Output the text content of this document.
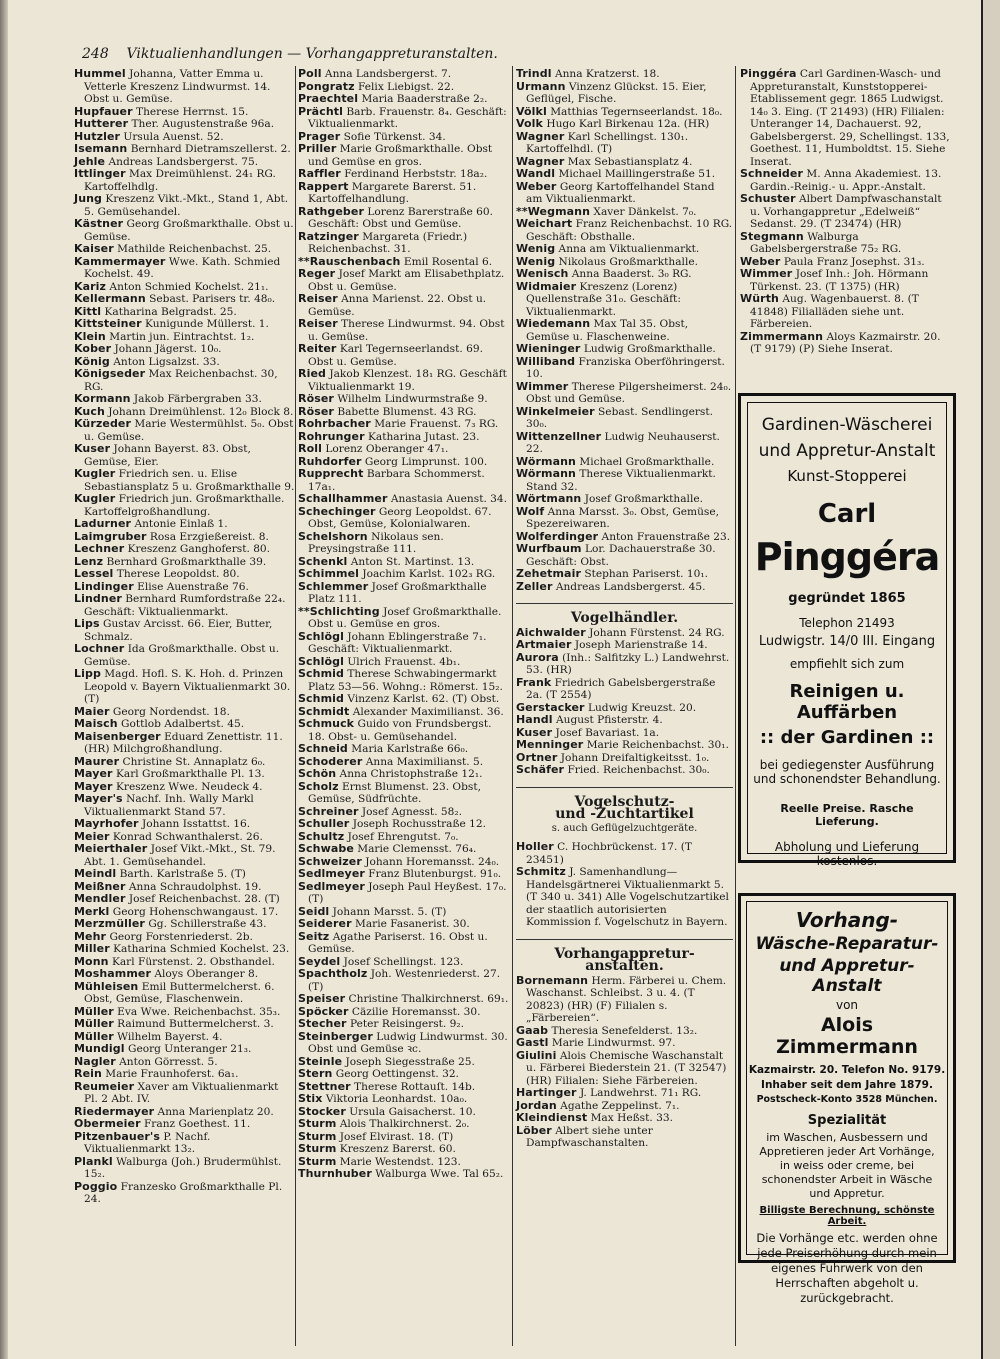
248 Viktualienhandlungen — Vorhangappreturanstalten.

Hummel Johanna, Vatter Emma u. Vetterle Kreszenz Lindwurmst. 14. Obst u. Gemüse.

Hupfauer Therese Herrnst. 15.

Hutterer Ther. Augustenstraße 96a.

Hutzler Ursula Auenst. 52.

Isemann Bernhard Dietramszellerst. 2.

Jehle Andreas Landsbergerst. 75.

Ittlinger Max Dreimühlenst. 24₁ RG. Kartoffelhdlg.

Jung Kreszenz Vikt.-Mkt., Stand 1, Abt. 5. Gemüsehandel.

Kästner Georg Großmarkthalle. Obst u. Gemüse.

Kaiser Mathilde Reichenbachst. 25.

Kammermayer Wwe. Kath. Schmied Kochelst. 49.

Kariz Anton Schmied Kochelst. 21₁.

Kellermann Sebast. Parisers tr. 48₀.

Kittl Katharina Belgradst. 25.

Kittsteiner Kunigunde Müllerst. 1.

Klein Martin jun. Eintrachtst. 1₂.

Kober Johann Jägerst. 10₀.

König Anton Ligsalzst. 33.

Königseder Max Reichenbachst. 30, RG.

Kormann Jakob Färbergraben 33.

Kuch Johann Dreimühlenst. 12₀ Block 8.

Kürzeder Marie Westermühlst. 5₀. Obst u. Gemüse.

Kuser Johann Bayerst. 83. Obst, Gemüse, Eier.

Kugler Friedrich sen. u. Elise Sebastiansplatz 5 u. Großmarkthalle 9.

Kugler Friedrich jun. Großmarkthalle. Kartoffelgroßhandlung.

Ladurner Antonie Einlaß 1.

Laimgruber Rosa Erzgießereist. 8.

Lechner Kreszenz Ganghoferst. 80.

Lenz Bernhard Großmarkthalle 39.

Lessel Therese Leopoldst. 80.

Lindinger Elise Auenstraße 76.

Lindner Bernhard Rumfordstraße 22₄. Geschäft: Viktualienmarkt.

Lips Gustav Arcisst. 66. Eier, Butter, Schmalz.

Lochner Ida Großmarkthalle. Obst u. Gemüse.

Lipp Magd. Hofl. S. K. Hoh. d. Prinzen Leopold v. Bayern Viktualienmarkt 30. (T)

Maier Georg Nordendst. 18.

Maisch Gottlob Adalbertst. 45.

Maisenberger Eduard Zenettistr. 11. (HR) Milchgroßhandlung.

Maurer Christine St. Annaplatz 6₀.

Mayer Karl Großmarkthalle Pl. 13.

Mayer Kreszenz Wwe. Neudeck 4.

Mayer's Nachf. Inh. Wally Markl Viktualienmarkt Stand 57.

Mayrhofer Johann Isstattst. 16.

Meier Konrad Schwanthalerst. 26.

Meierthaler Josef Vikt.-Mkt., St. 79. Abt. 1. Gemüsehandel.

Meindl Barth. Karlstraße 5. (T)

Meißner Anna Schraudolphst. 19.

Mendler Josef Reichenbachst. 28. (T)

Merkl Georg Hohenschwangaust. 17.

Merzmüller Gg. Schillerstraße 43.

Mehr Georg Forstenriederst. 2b.

Miller Katharina Schmied Kochelst. 23.

Monn Karl Fürstenst. 2. Obsthandel.

Moshammer Aloys Oberanger 8.

Mühleisen Emil Buttermelcherst. 6. Obst, Gemüse, Flaschenwein.

Müller Eva Wwe. Reichenbachst. 35₃.

Müller Raimund Buttermelcherst. 3.

Müller Wilhelm Bayerst. 4.

Mundigl Georg Unteranger 21₃.

Nagler Anton Görresst. 5.

Rein Marie Fraunhoferst. 6a₁.

Reumeier Xaver am Viktualienmarkt Pl. 2 Abt. IV.

Riedermayer Anna Marienplatz 20.

Obermeier Franz Goethest. 11.

Pitzenbauer's P. Nachf. Viktualienmarkt 13₂.

Plankl Walburga (Joh.) Brudermühlst. 15₂.

Poggio Franzesko Großmarkthalle Pl. 24.

Poll Anna Landsbergerst. 7.

Pongratz Felix Liebigst. 22.

Praechtel Maria Baaderstraße 2₂.

Prächtl Barb. Frauenstr. 8₄. Geschäft: Viktualienmarkt.

Prager Sofie Türkenst. 34.

Priller Marie Großmarkthalle. Obst und Gemüse en gros.

Raffler Ferdinand Herbststr. 18a₂.

Rappert Margarete Barerst. 51. Kartoffelhandlung.

Rathgeber Lorenz Barerstraße 60. Geschäft: Obst und Gemüse.

Ratzinger Margareta (Friedr.) Reichenbachst. 31.

**Rauschenbach Emil Rosental 6.

Reger Josef Markt am Elisabethplatz. Obst u. Gemüse.

Reiser Anna Marienst. 22. Obst u. Gemüse.

Reiser Therese Lindwurmst. 94. Obst u. Gemüse.

Reiter Karl Tegernseerlandst. 69. Obst u. Gemüse.

Ried Jakob Klenzest. 18₁ RG. Geschäft Viktualienmarkt 19.

Röser Wilhelm Lindwurmstraße 9.

Röser Babette Blumenst. 43 RG.

Rohrbacher Marie Frauenst. 7₃ RG.

Rohrunger Katharina Jutast. 23.

Roll Lorenz Oberanger 47₁.

Ruhdorfer Georg Limprunst. 100.

Rupprecht Barbara Schommerst. 17a₁.

Schallhammer Anastasia Auenst. 34.

Schechinger Georg Leopoldst. 67. Obst, Gemüse, Kolonialwaren.

Schelshorn Nikolaus sen. Preysingstraße 111.

Schenkl Anton St. Martinst. 13.

Schimmel Joachim Karlst. 102₃ RG.

Schlemmer Josef Großmarkthalle Platz 111.

**Schlichting Josef Großmarkthalle. Obst u. Gemüse en gros.

Schlögl Johann Eblingerstraße 7₁. Geschäft: Viktualienmarkt.

Schlögl Ulrich Frauenst. 4b₁.

Schmid Therese Schwabingermarkt Platz 53—56. Wohng.: Römerst. 15₂.

Schmid Vinzenz Karlst. 62. (T) Obst.

Schmidt Alexander Maximilianst. 36.

Schmuck Guido von Frundsbergst. 18. Obst- u. Gemüsehandel.

Schneid Maria Karlstraße 66₀.

Schoderer Anna Maximilianst. 5.

Schön Anna Christophstraße 12₁.

Scholz Ernst Blumenst. 23. Obst, Gemüse, Südfrüchte.

Schreiner Josef Agnesst. 58₂.

Schuller Joseph Rochusstraße 12.

Schultz Josef Ehrengutst. 7₀.

Schwabe Marie Clemensst. 76₄.

Schweizer Johann Horemansst. 24₀.

Sedlmeyer Franz Blutenburgst. 91₀.

Sedlmeyer Joseph Paul Heyßest. 17₀. (T)

Seidl Johann Marsst. 5. (T)

Seiderer Marie Fasanerist. 30.

Seitz Agathe Pariserst. 16. Obst u. Gemüse.

Seydel Josef Schellingst. 123.

Spachtholz Joh. Westenriederst. 27. (T)

Speiser Christine Thalkirchnerst. 69₁.

Spöcker Cäzilie Horemansst. 30.

Stecher Peter Reisingerst. 9₂.

Steinberger Ludwig Lindwurmst. 30. Obst und Gemüse ꝛc.

Steinle Joseph Siegesstraße 25.

Stern Georg Oettingenst. 32.

Stettner Therese Rottauſt. 14b.

Stix Viktoria Leonhardst. 10a₀.

Stocker Ursula Gaisacherst. 10.

Sturm Alois Thalkirchnerst. 2₀.

Sturm Josef Elvirast. 18. (T)

Sturm Kreszenz Barerst. 60.

Sturm Marie Westendst. 123.

Thurnhuber Walburga Wwe. Tal 65₂.

Trindl Anna Kratzerst. 18.

Urmann Vinzenz Glückst. 15. Eier, Geflügel, Fische.

Völkl Matthias Tegernseerlandst. 18₀.

Volk Hugo Karl Birkenau 12a. (HR)

Wagner Karl Schellingst. 130₁. Kartoffelhdl. (T)

Wagner Max Sebastiansplatz 4.

Wandl Michael Maillingerstraße 51.

Weber Georg Kartoffelhandel Stand am Viktualienmarkt.

**Wegmann Xaver Dänkelst. 7₀.

Weichart Franz Reichenbachst. 10 RG. Geschäft: Obsthalle.

Wenig Anna am Viktualienmarkt.

Wenig Nikolaus Großmarkthalle.

Wenisch Anna Baaderst. 3₀ RG.

Widmaier Kreszenz (Lorenz) Quellenstraße 31₀. Geschäft: Viktualienmarkt.

Wiedemann Max Tal 35. Obst, Gemüse u. Flaschenweine.

Wieninger Ludwig Großmarkthalle.

Williband Franziska Oberföhringerst. 10.

Wimmer Therese Pilgersheimerst. 24₀. Obst und Gemüse.

Winkelmeier Sebast. Sendlingerst. 30₀.

Wittenzellner Ludwig Neuhauserst. 22.

Wörmann Michael Großmarkthalle.

Wörmann Therese Viktualienmarkt. Stand 32.

Wörtmann Josef Großmarkthalle.

Wolf Anna Marsst. 3₀. Obst, Gemüse, Spezereiwaren.

Wolferdinger Anton Frauenstraße 23.

Wurfbaum Lor. Dachauerstraße 30. Geschäft: Obst.

Zehetmair Stephan Pariserst. 10₁.

Zeller Andreas Landsbergerst. 45.

Vogelhändler.

Aichwalder Johann Fürstenst. 24 RG.

Artmaier Joseph Marienstraße 14.

Aurora (Inh.: Salfitzky L.) Landwehrst. 53. (HR)

Frank Friedrich Gabelsbergerstraße 2a. (T 2554)

Gerstacker Ludwig Kreuzst. 20.

Handl August Pfisterstr. 4.

Kuser Josef Bavariast. 1a.

Menninger Marie Reichenbachst. 30₁.

Ortner Johann Dreifaltigkeitsst. 1₀.

Schäfer Fried. Reichenbachst. 30₀.

Vogelschutz-
und -Zuchtartikel
s. auch Geflügelzuchtgeräte.

Holler C. Hochbrückenst. 17. (T 23451)

Schmitz J. Samenhandlung—Handelsgärtnerei Viktualienmarkt 5. (T 340 u. 341) Alle Vogelschutzartikel der staatlich autorisierten Kommission f. Vogelschutz in Bayern.

Vorhangappretur-
anstalten.

Bornemann Herm. Färberei u. Chem. Waschanst. Schleibst. 3 u. 4. (T 20823) (HR) (F) Filialen s. „Färbereien“.

Gaab Theresia Senefelderst. 13₂.

Gastl Marie Lindwurmst. 97.

Giulini Alois Chemische Waschanstalt u. Färberei Biederstein 21. (T 32547) (HR) Filialen: Siehe Färbereien.

Hartinger J. Landwehrst. 71₁ RG.

Jordan Agathe Zeppelinst. 7₁.

Kleindienst Max Heßst. 33.

Löber Albert siehe unter Dampfwaschanstalten.

Pinggéra Carl Gardinen-Wasch- und Appreturanstalt, Kunststopperei-Etablissement gegr. 1865 Ludwigst. 14₀ 3. Eing. (T 21493) (HR) Filialen: Unteranger 14, Dachauerst. 92, Gabelsbergerst. 29, Schellingst. 133, Goethest. 11, Humboldtst. 15. Siehe Inserat.

Schneider M. Anna Akademiest. 13. Gardin.-Reinig.- u. Appr.-Anstalt.

Schuster Albert Dampfwaschanstalt u. Vorhangappretur „Edelweiß“ Sedanst. 29. (T 23474) (HR)

Stegmann Walburga Gabelsbergerstraße 75₂ RG.

Weber Paula Franz Josephst. 31₃.

Wimmer Josef Inh.: Joh. Hörmann Türkenst. 23. (T 1375) (HR)

Würth Aug. Wagenbauerst. 8. (T 41848) Filialläden siehe unt. Färbereien.

Zimmermann Aloys Kazmairstr. 20. (T 9179) (P) Siehe Inserat.

Gardinen-Wäscherei

und Appretur-Anstalt

Kunst-Stopperei

Carl

Pinggéra

gegründet 1865

Telephon 21493

Ludwigstr. 14/0 III. Eingang

empfiehlt sich zum

Reinigen u. Auffärben

:: der Gardinen ::

bei gediegenster Ausführung

und schonendster Behandlung.

Reelle Preise. Rasche Lieferung.

Abholung und Lieferung

kostenlos.

Vorhang-

Wäsche-Reparatur-

und Appretur-Anstalt

von

Alois Zimmermann

Kazmairstr. 20. Telefon No. 9179.

Inhaber seit dem Jahre 1879.

Postscheck-Konto 3528 München.

Spezialität

im Waschen, Ausbessern und Appretieren jeder Art Vorhänge, in weiss oder creme, bei schonendster Arbeit in Wäsche und Appretur.

Billigste Berechnung, schönste Arbeit.

Die Vorhänge etc. werden ohne jede Preiserhöhung durch mein eigenes Fuhrwerk von den Herrschaften abgeholt u. zurückgebracht.
